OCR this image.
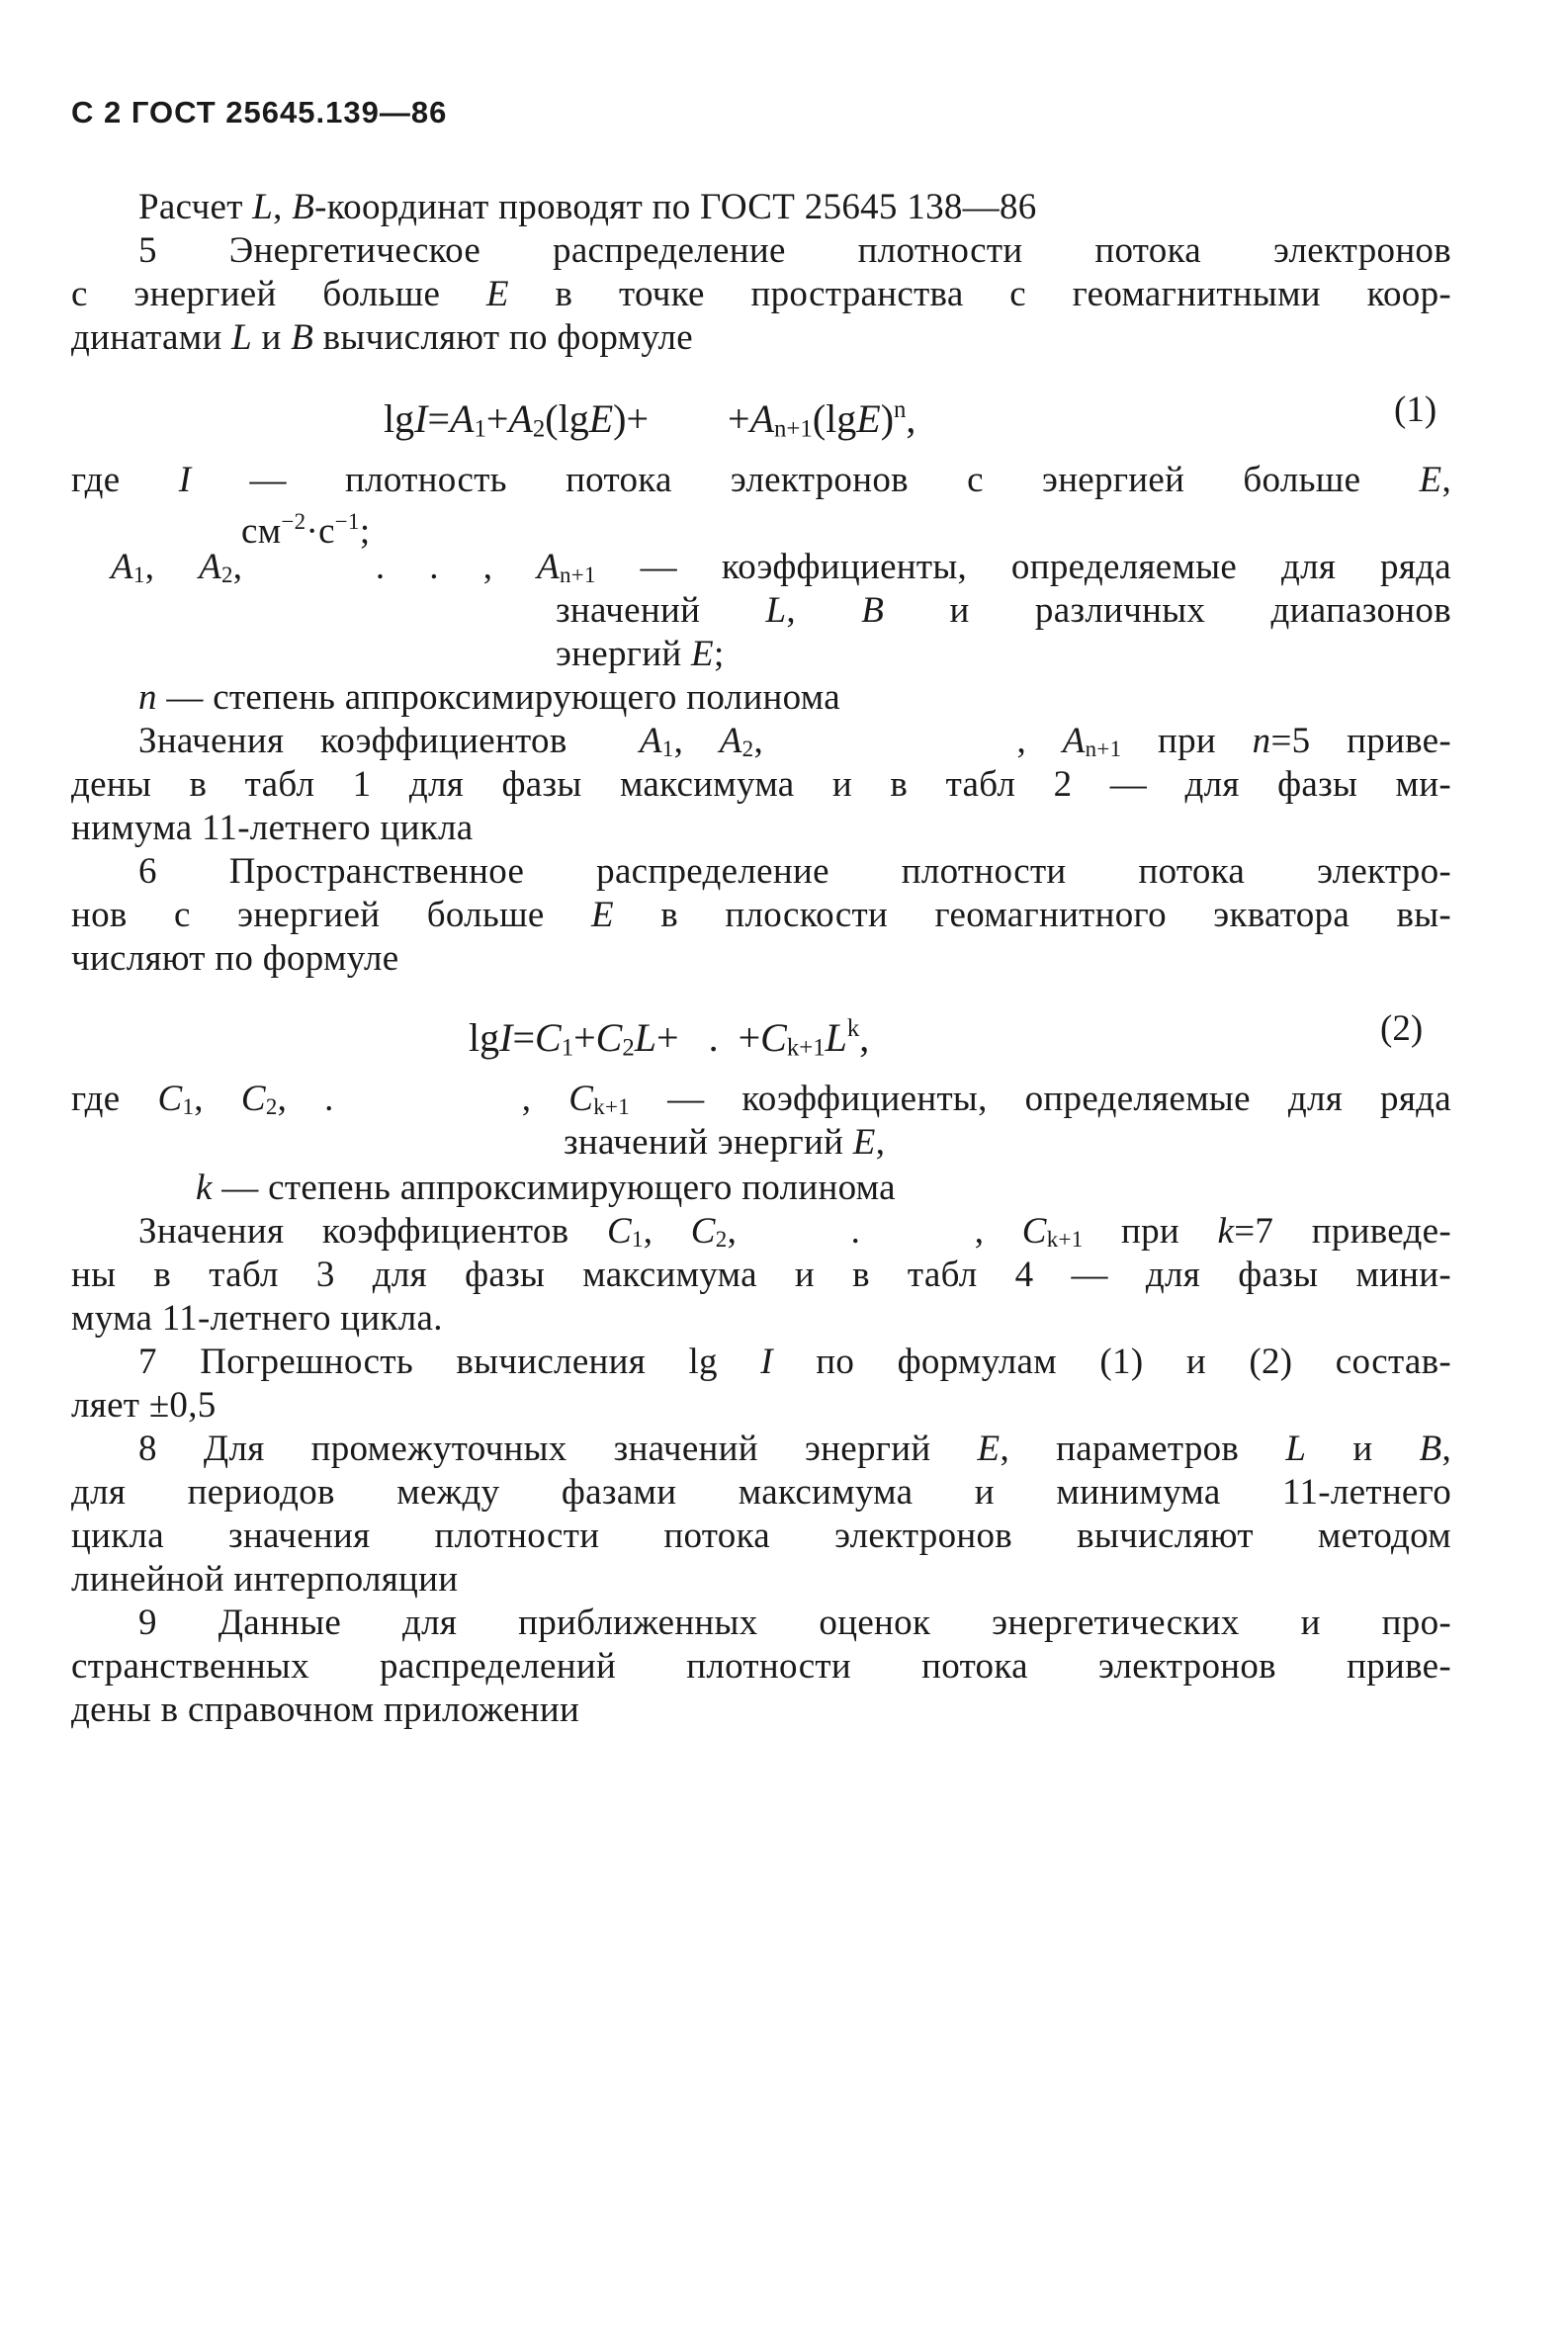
С 2 ГОСТ 25645.139—86
Расчет L, B-координат проводят по ГОСТ 25645 138—86
5 Энергетическое распределение плотности потока электронов
с энергией больше E в точке пространства с геомагнитными коор-
динатами L и B вычисляют по формуле
$\lg I=A_1+A_2(\lg E)+$        $+A_{n+1}(\lg E)^n$,	(1)
где I — плотность потока электронов с энергией больше E,
$см^{-2}\cdot с^{-1}$;
$A_1$, $A_2$,   . . , $A_{n+1}$ — коэффициенты, определяемые для ряда
значений L, B и различных диапазонов
энергий E;
n — степень аппроксимирующего полинома
Значения коэффициентов  $A_1$, $A_2$,       , $A_{n+1}$ при n=5 приве-
дены в табл 1 для фазы максимума и в табл 2 — для фазы ми-
нимума 11-летнего цикла
6 Пространственное распределение плотности потока электро-
нов с энергией больше E в плоскости геомагнитного экватора вы-
числяют по формуле
$\lg I=C_1+C_2L+$   .  $+C_{k+1}L^k$,	(2)
где $C_1$, $C_2$, .     , $C_{k+1}$ — коэффициенты, определяемые для ряда
значений энергий E,
k — степень аппроксимирующего полинома
Значения коэффициентов $C_1$, $C_2$,   .   , $C_{k+1}$ при k=7 приведе-
ны в табл 3 для фазы максимума и в табл 4 — для фазы мини-
мума 11-летнего цикла.
7 Погрешность вычисления lg I по формулам (1) и (2) состав-
ляет ±0,5
8 Для промежуточных значений энергий E, параметров L и B,
для периодов между фазами максимума и минимума 11-летнего
цикла значения плотности потока электронов вычисляют методом
линейной интерполяции
9 Данные для приближенных оценок энергетических и про-
странственных распределений плотности потока электронов приве-
дены в справочном приложении
